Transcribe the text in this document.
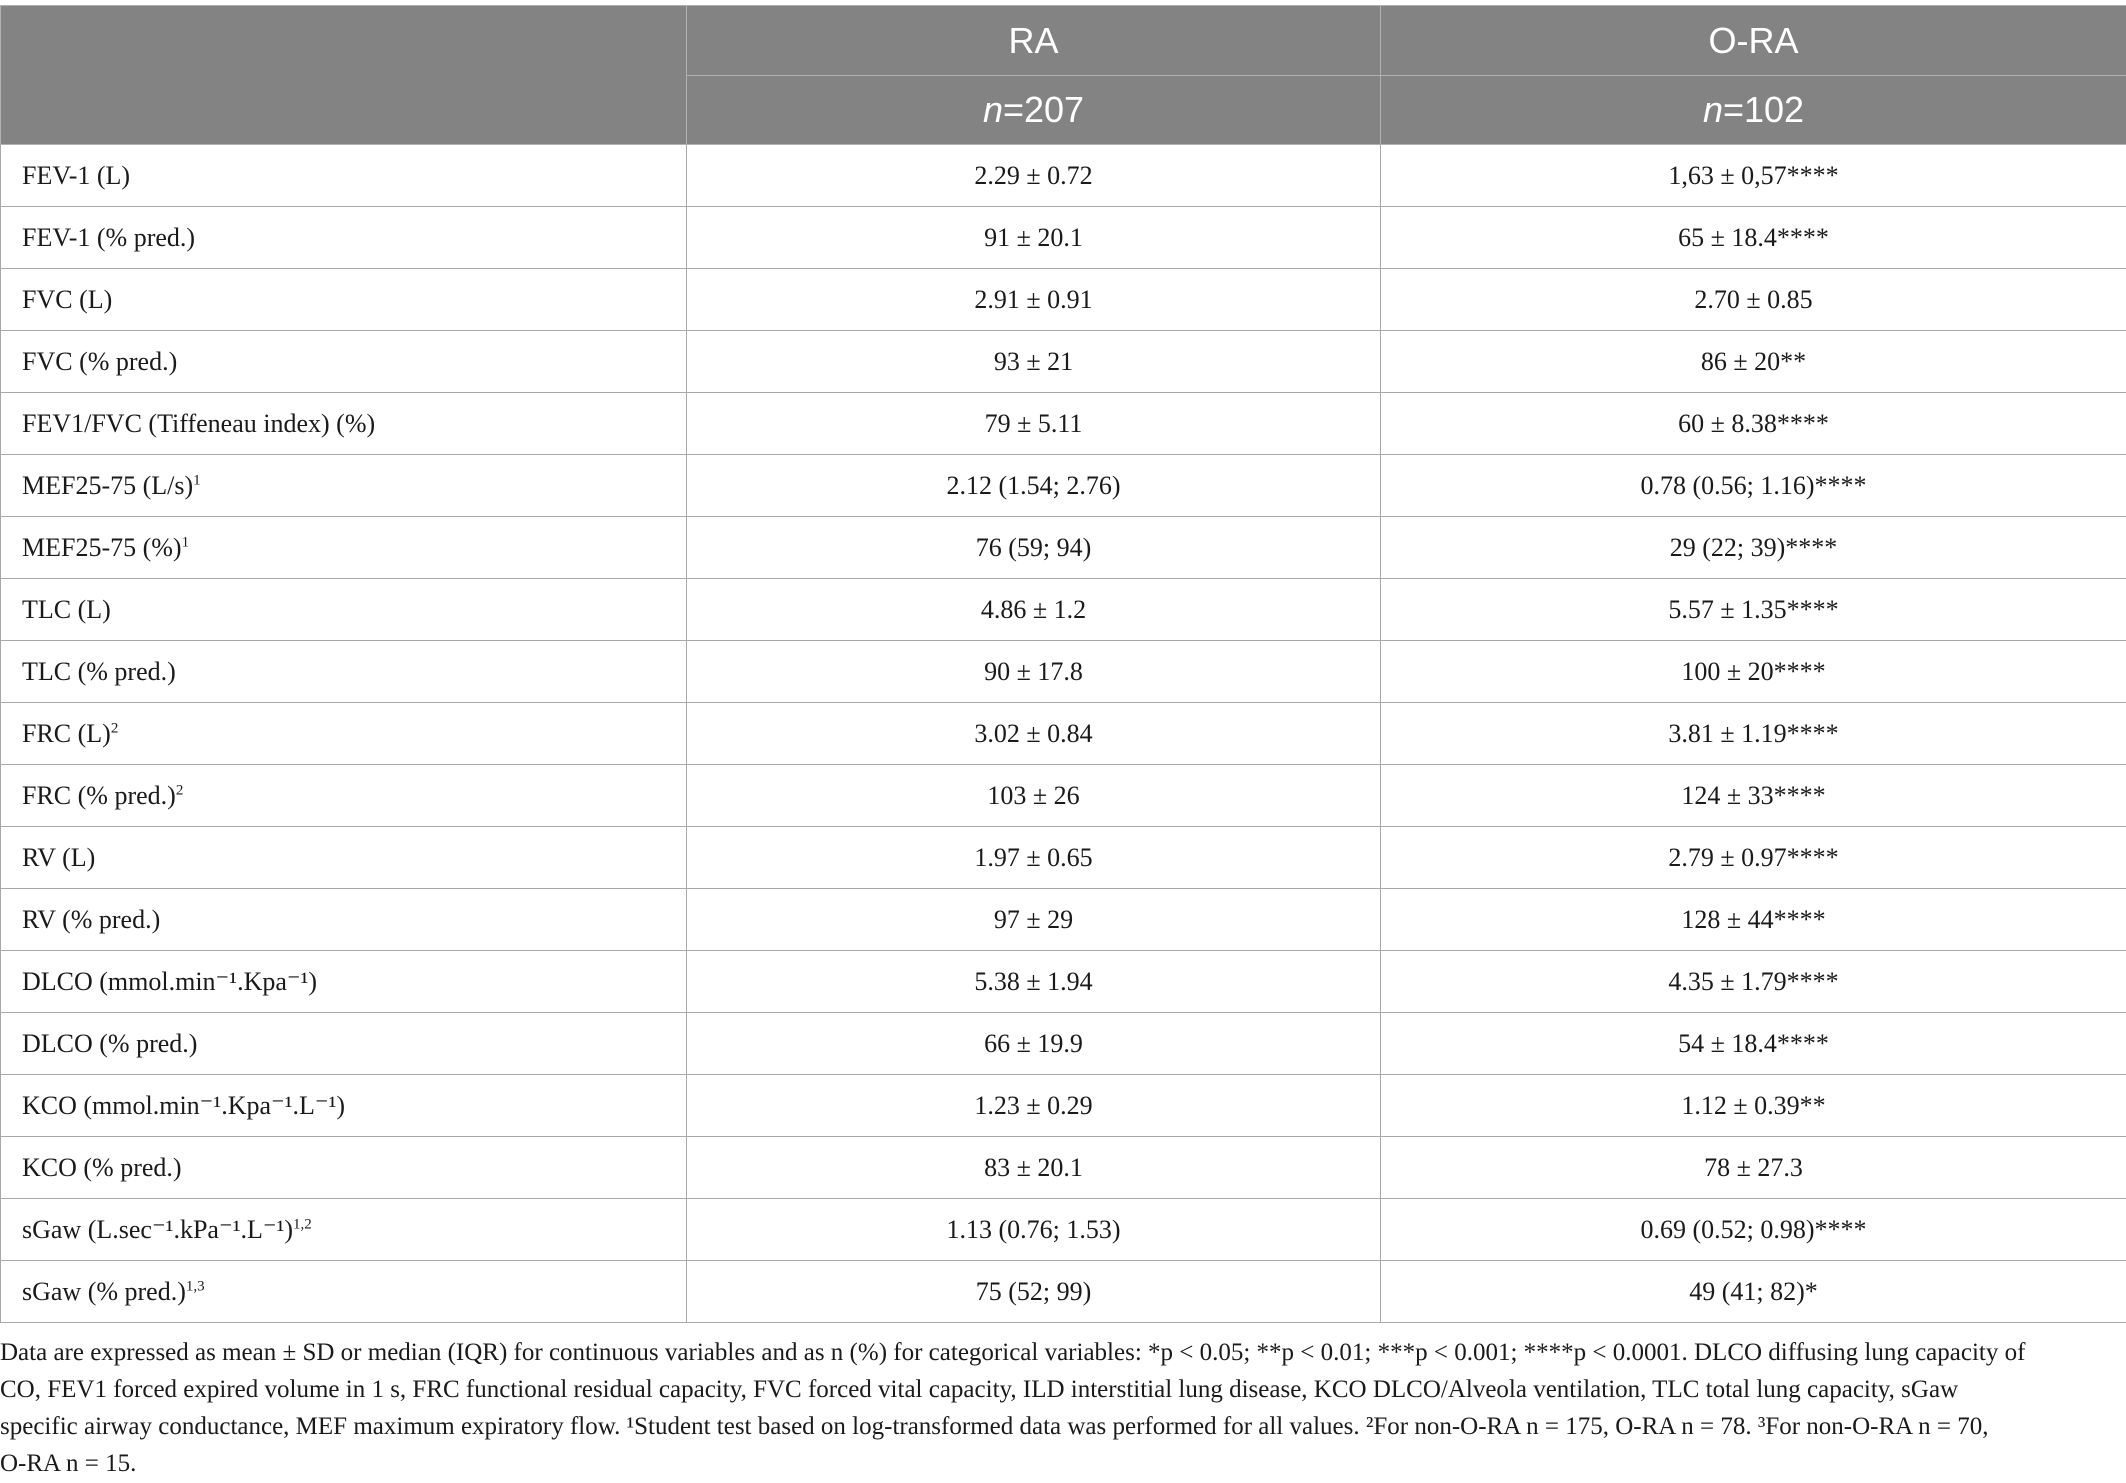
	RA	O-RA
	n=207	n=102
FEV-1 (L)	2.29 ± 0.72	1,63 ± 0,57****
FEV-1 (% pred.)	91 ± 20.1	65 ± 18.4****
FVC (L)	2.91 ± 0.91	2.70 ± 0.85
FVC (% pred.)	93 ± 21	86 ± 20**
FEV1/FVC (Tiffeneau index) (%)	79 ± 5.11	60 ± 8.38****
MEF25-75 $(L/s)^1$	2.12 (1.54; 2.76)	0.78 (0.56; 1.16)****
MEF25-75 (%)$^1$	76 (59; 94)	29 (22; 39)****
TLC (L)	4.86 ± 1.2	5.57 ± 1.35****
TLC (% pred.)	90 ± 17.8	100 ± 20****
FRC $(L)^2$	3.02 ± 0.84	3.81 ± 1.19****
FRC (% pred.)$^2$	103 ± 26	124 ± 33****
RV (L)	1.97 ± 0.65	2.79 ± 0.97****
RV (% pred.)	97 ± 29	128 ± 44****
DLCO (mmol.min⁻¹.Kpa⁻¹)	5.38 ± 1.94	4.35 ± 1.79****
DLCO (% pred.)	66 ± 19.9	54 ± 18.4****
KCO (mmol.min⁻¹.Kpa⁻¹.L⁻¹)	1.23 ± 0.29	1.12 ± 0.39**
KCO (% pred.)	83 ± 20.1	78 ± 27.3
sGaw $(L.\sec^{-1}.kPa^{-1}.L^{-1})^{1,2}$	1.13 (0.76; 1.53)	0.69 (0.52; 0.98)****
sGaw (% pred.)$^{1,3}$	75 (52; 99)	49 (41; 82)*
Data are expressed as mean ± SD or median (IQR) for continuous variables and as n (%) for categorical variables: *p < 0.05; **p < 0.01; ***p < 0.001; ****p < 0.0001. DLCO diffusing lung capacity of
CO, FEV1 forced expired volume in 1 s, FRC functional residual capacity, FVC forced vital capacity, ILD interstitial lung disease, KCO DLCO/Alveola ventilation, TLC total lung capacity, sGaw
specific airway conductance, MEF maximum expiratory flow. ¹Student test based on log-transformed data was performed for all values. ²For non-O-RA n = 175, O-RA n = 78. ³For non-O-RA n = 70,
O-RA n = 15.
